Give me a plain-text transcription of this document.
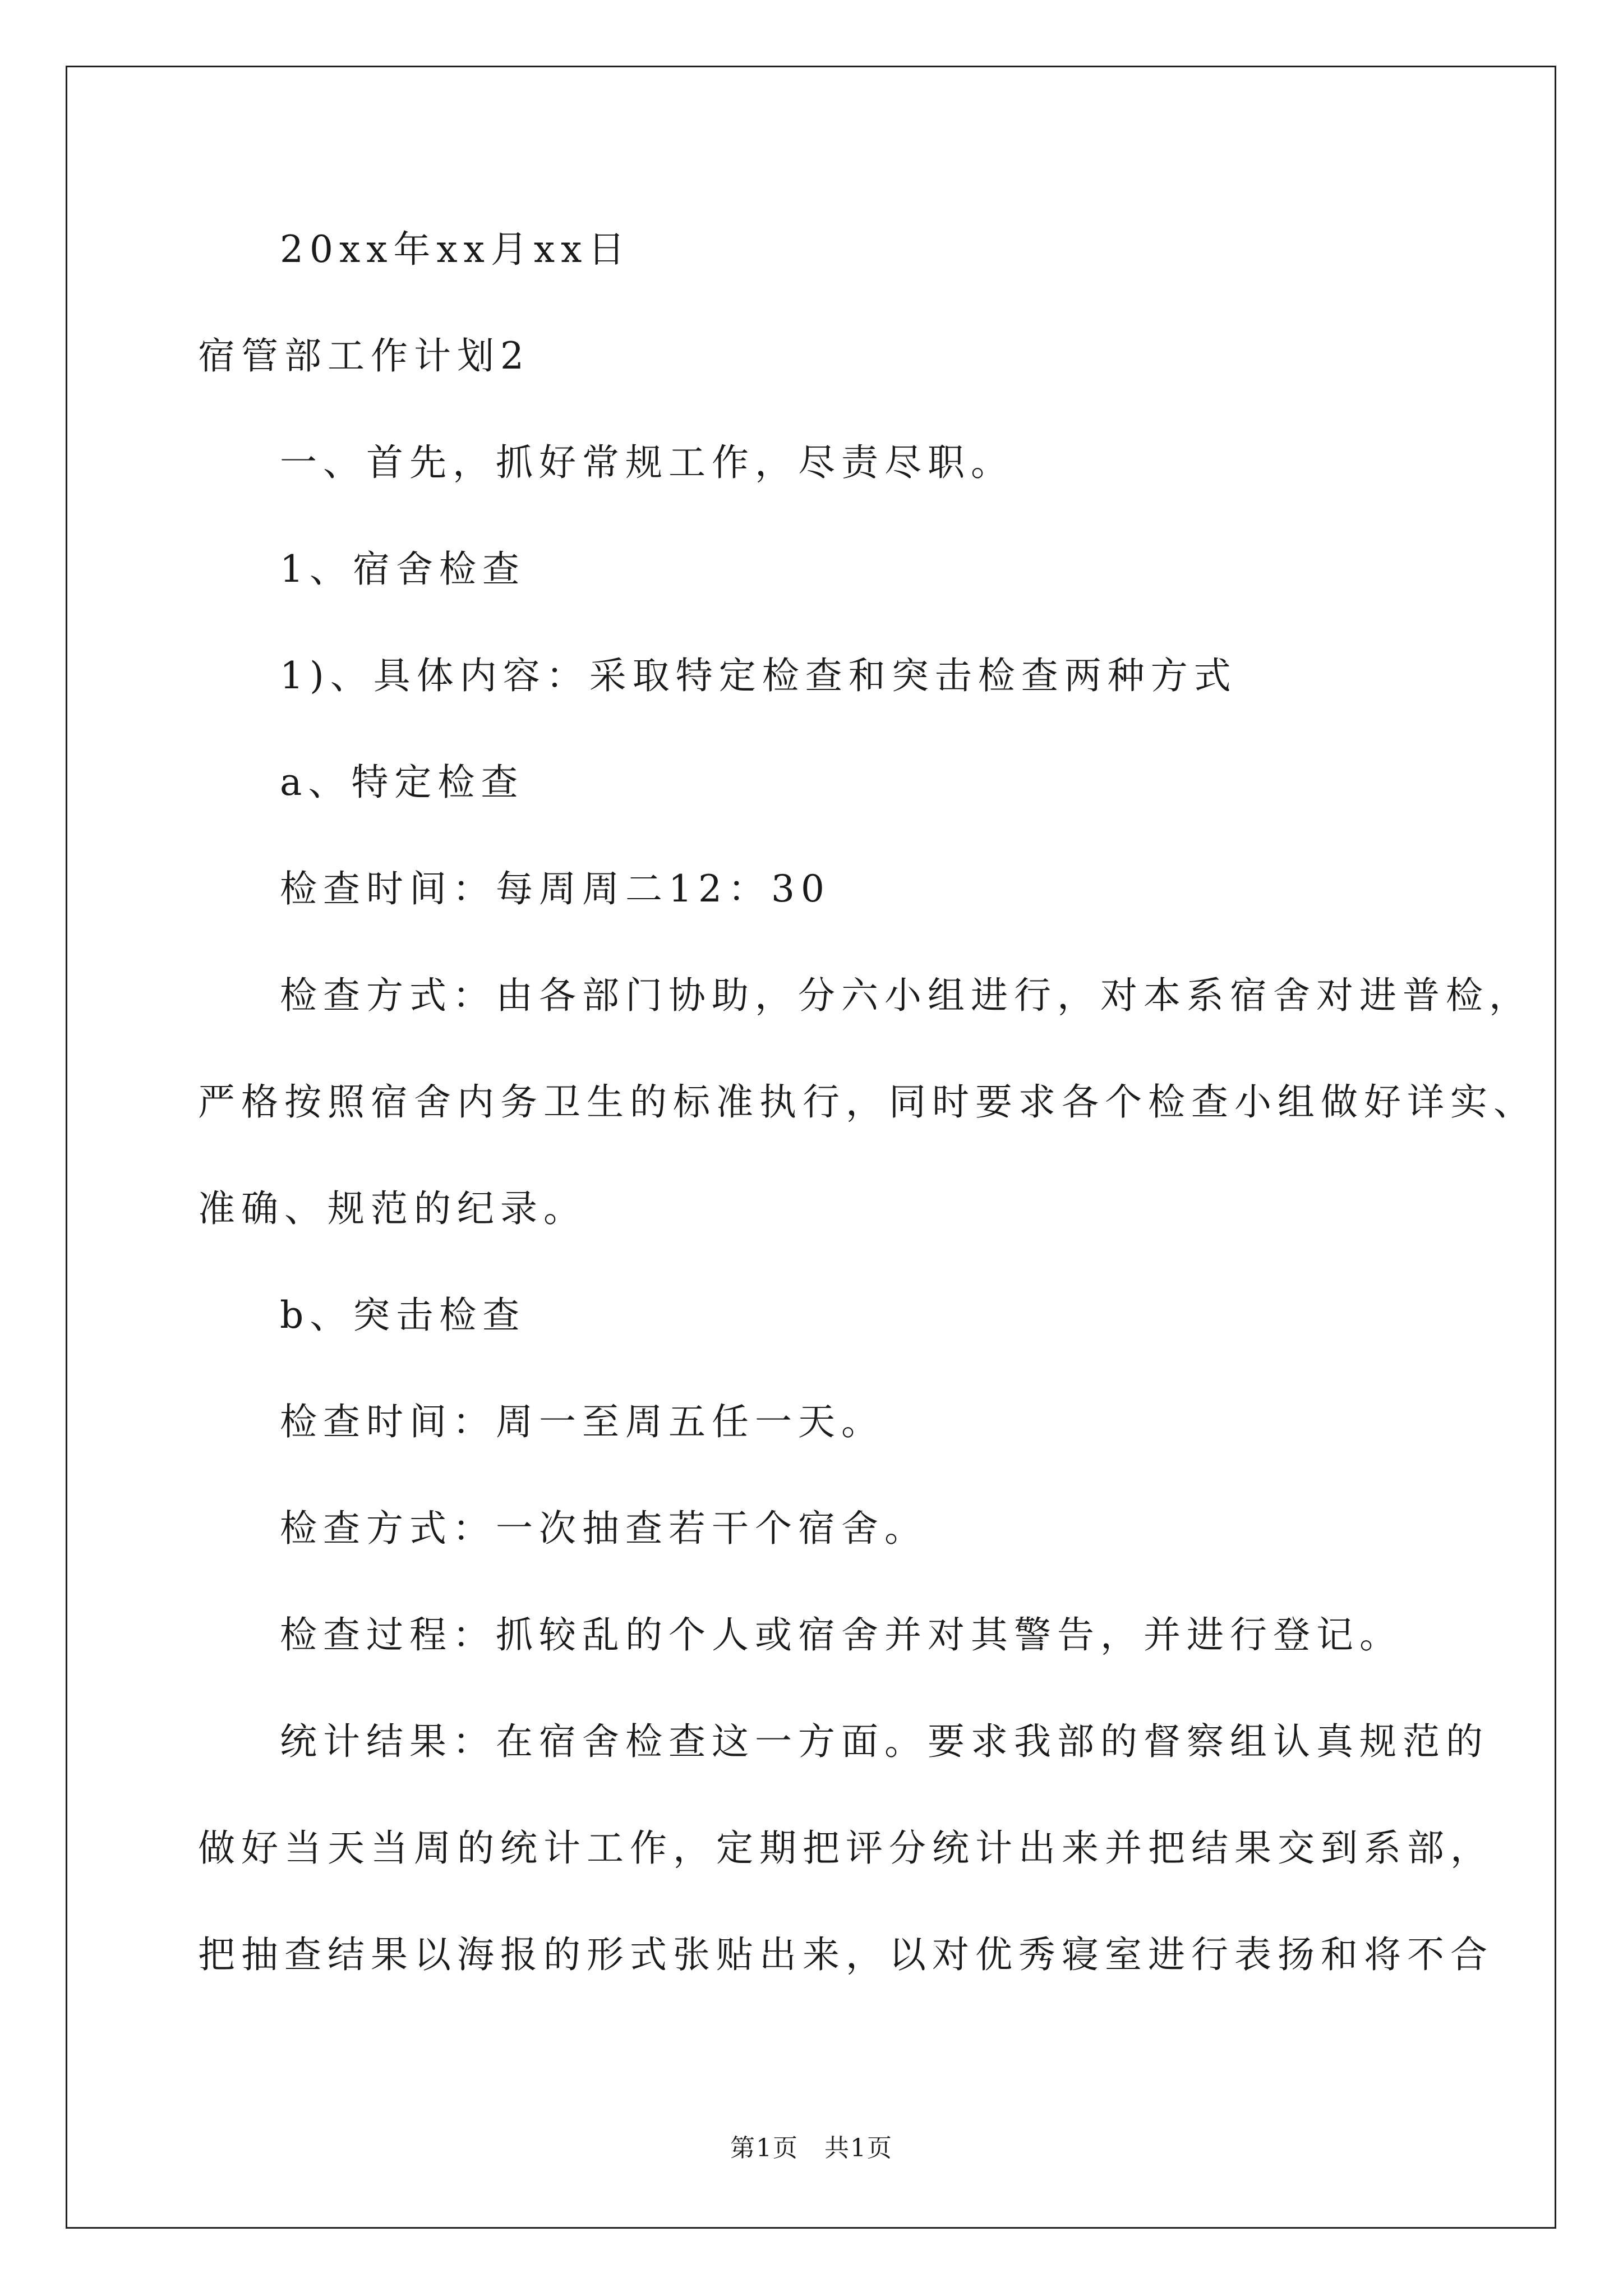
20xx年xx月xx日
宿管部工作计划2
一、首先，抓好常规工作，尽责尽职。
1、宿舍检查
1)、具体内容：采取特定检查和突击检查两种方式
a、特定检查
检查时间：每周周二12：30
检查方式：由各部门协助，分六小组进行，对本系宿舍对进普检，
严格按照宿舍内务卫生的标准执行，同时要求各个检查小组做好详实、
准确、规范的纪录。
b、突击检查
检查时间：周一至周五任一天。
检查方式：一次抽查若干个宿舍。
检查过程：抓较乱的个人或宿舍并对其警告，并进行登记。
统计结果：在宿舍检查这一方面。要求我部的督察组认真规范的
做好当天当周的统计工作，定期把评分统计出来并把结果交到系部，
把抽查结果以海报的形式张贴出来，以对优秀寝室进行表扬和将不合
第1页 共1页
